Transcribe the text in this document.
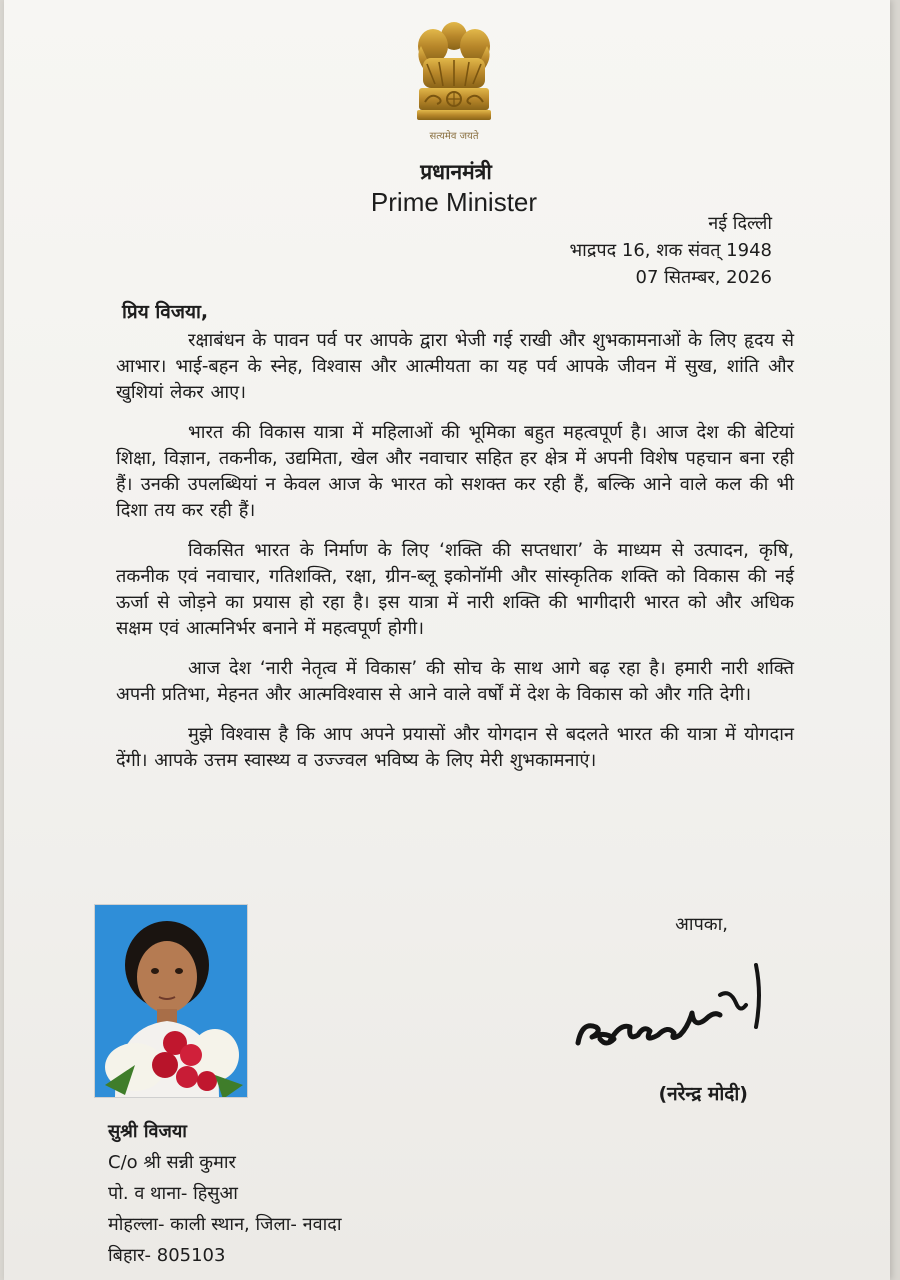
सत्यमेव जयते
प्रधानमंत्री
Prime Minister
नई दिल्ली
भाद्रपद 16, शक संवत् 1948
07 सितम्बर, 2026
प्रिय विजया,

रक्षाबंधन के पावन पर्व पर आपके द्वारा भेजी गई राखी और शुभकामनाओं के लिए हृदय से आभार। भाई-बहन के स्नेह, विश्वास और आत्मीयता का यह पर्व आपके जीवन में सुख, शांति और खुशियां लेकर आए।

भारत की विकास यात्रा में महिलाओं की भूमिका बहुत महत्वपूर्ण है। आज देश की बेटियां शिक्षा, विज्ञान, तकनीक, उद्यमिता, खेल और नवाचार सहित हर क्षेत्र में अपनी विशेष पहचान बना रही हैं। उनकी उपलब्धियां न केवल आज के भारत को सशक्त कर रही हैं, बल्कि आने वाले कल की भी दिशा तय कर रही हैं।

विकसित भारत के निर्माण के लिए ‘शक्ति की सप्तधारा’ के माध्यम से उत्पादन, कृषि, तकनीक एवं नवाचार, गतिशक्ति, रक्षा, ग्रीन-ब्लू इकोनॉमी और सांस्कृतिक शक्ति को विकास की नई ऊर्जा से जोड़ने का प्रयास हो रहा है। इस यात्रा में नारी शक्ति की भागीदारी भारत को और अधिक सक्षम एवं आत्मनिर्भर बनाने में महत्वपूर्ण होगी।

आज देश ‘नारी नेतृत्व में विकास’ की सोच के साथ आगे बढ़ रहा है। हमारी नारी शक्ति अपनी प्रतिभा, मेहनत और आत्मविश्वास से आने वाले वर्षों में देश के विकास को और गति देगी।

मुझे विश्वास है कि आप अपने प्रयासों और योगदान से बदलते भारत की यात्रा में योगदान देंगी। आपके उत्तम स्वास्थ्य व उज्ज्वल भविष्य के लिए मेरी शुभकामनाएं।

आपका,
(नरेन्द्र मोदी)
सुश्री विजया
C/o श्री सन्नी कुमार
पो. व थाना- हिसुआ
मोहल्ला- काली स्थान, जिला- नवादा
बिहार- 805103
